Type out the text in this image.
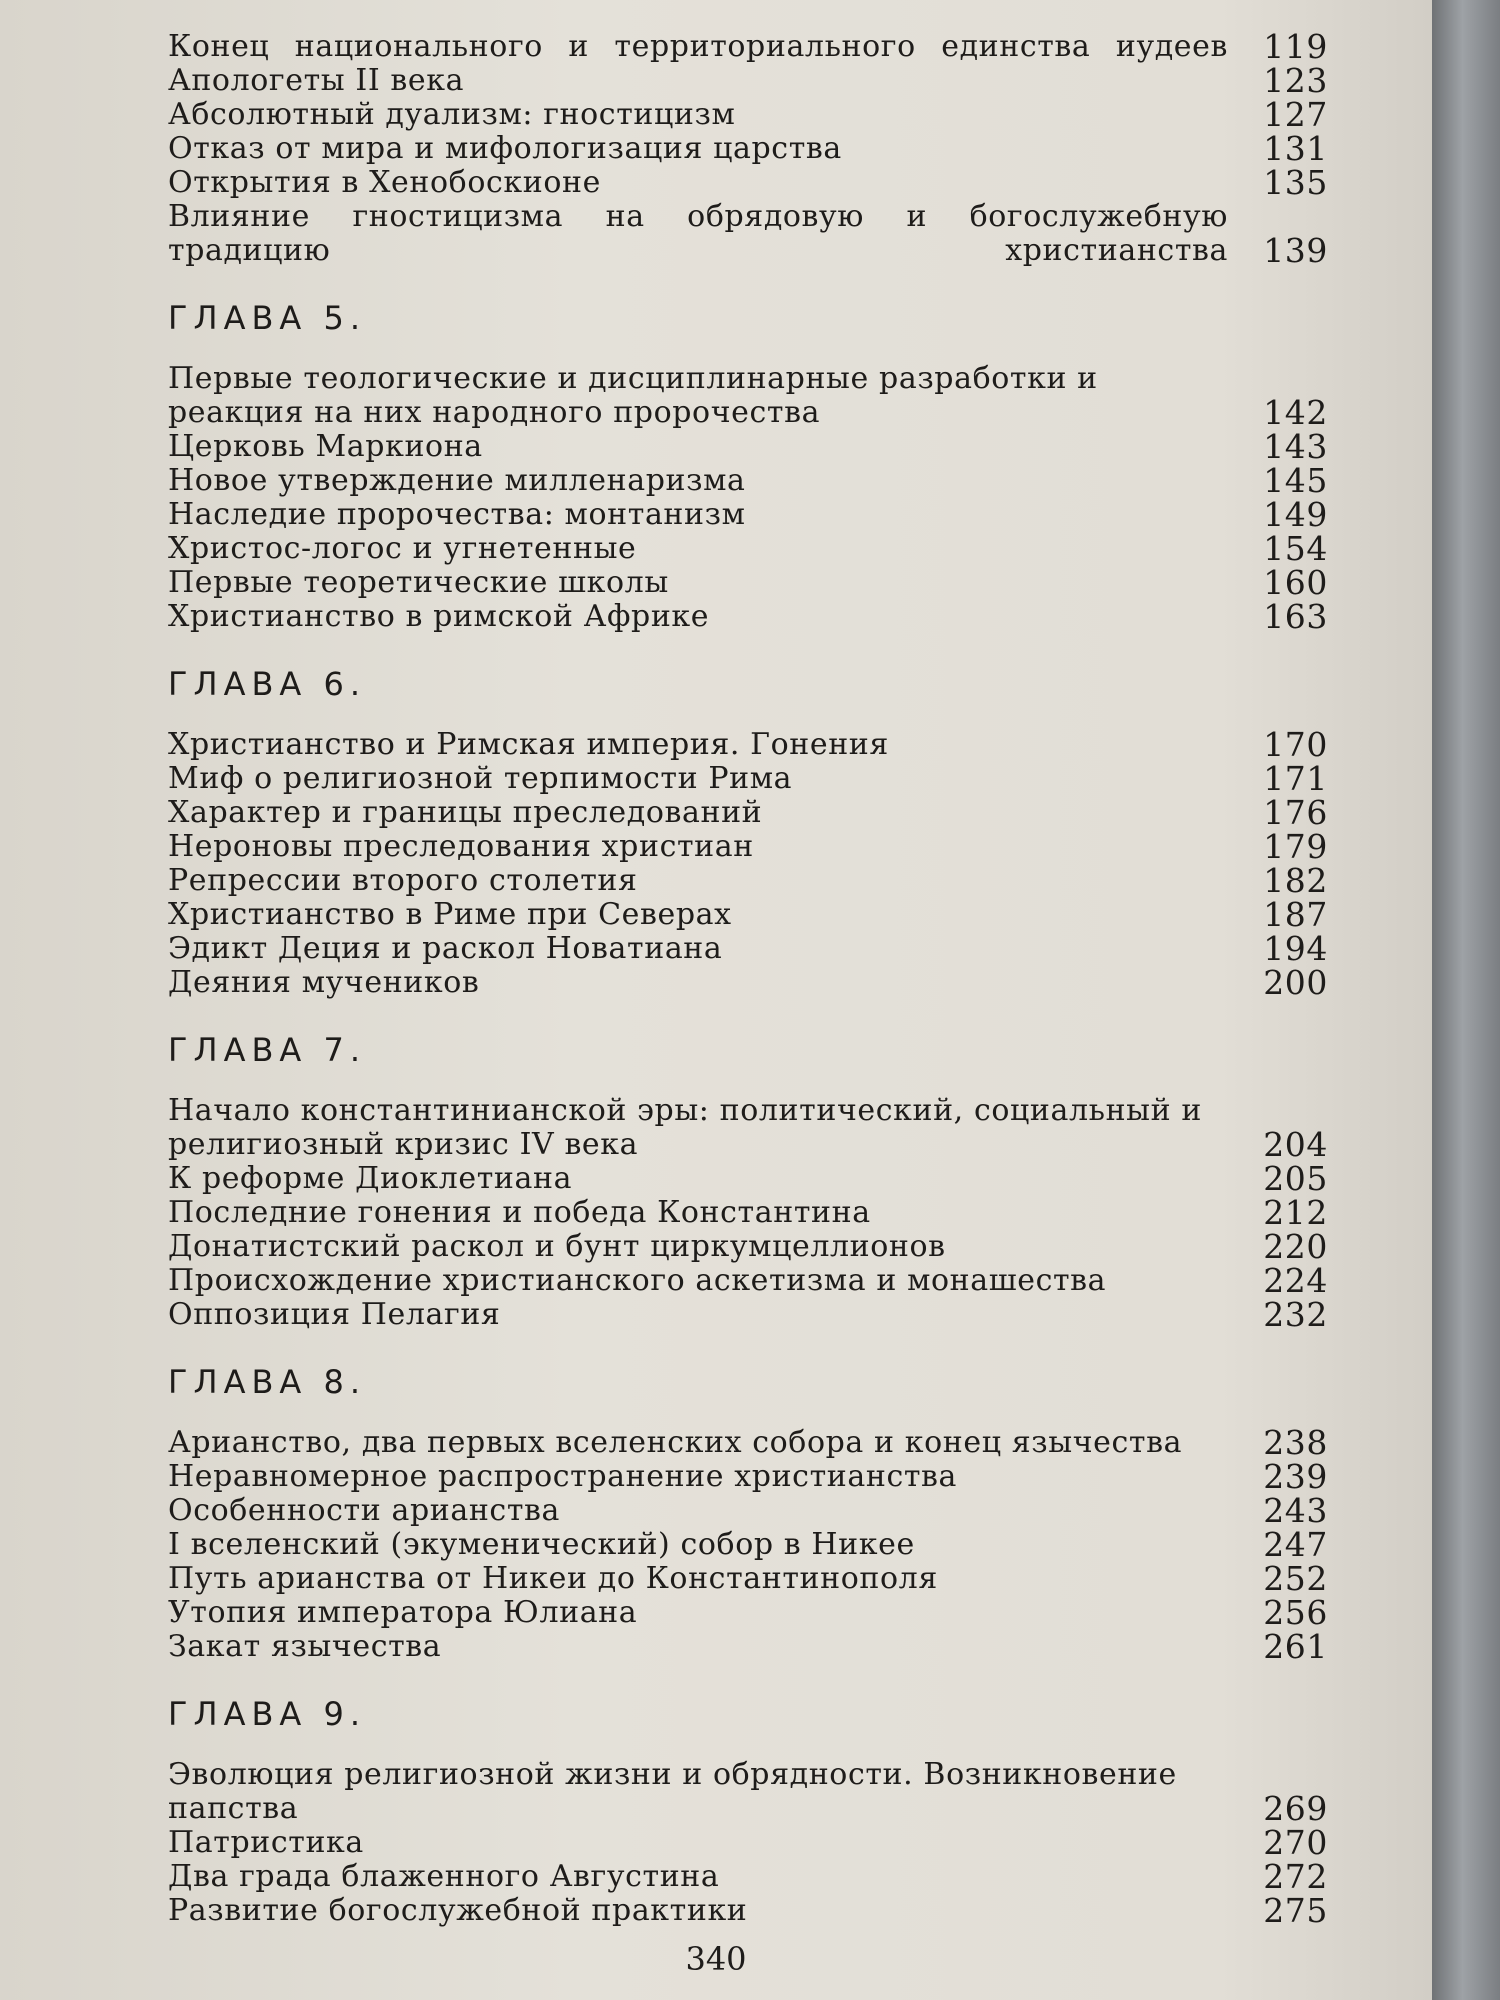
Конец национального и территориального единства иудеев	119
Апологеты II века	123
Абсолютный дуализм: гностицизм	127
Отказ от мира и мифологизация царства	131
Открытия в Хенобоскионе	135
Влияние гностицизма на обрядовую и богослужебную традицию христианства	139
ГЛАВА 5.
Первые теологические и дисциплинарные разработки и реакция на них народного пророчества	142
Церковь Маркиона	143
Новое утверждение милленаризма	145
Наследие пророчества: монтанизм	149
Христос-логос и угнетенные	154
Первые теоретические школы	160
Христианство в римской Африке	163
ГЛАВА 6.
Христианство и Римская империя. Гонения	170
Миф о религиозной терпимости Рима	171
Характер и границы преследований	176
Нероновы преследования христиан	179
Репрессии второго столетия	182
Христианство в Риме при Северах	187
Эдикт Деция и раскол Новатиана	194
Деяния мучеников	200
ГЛАВА 7.
Начало константинианской эры: политический, социальный и религиозный кризис IV века	204
К реформе Диоклетиана	205
Последние гонения и победа Константина	212
Донатистский раскол и бунт циркумцеллионов	220
Происхождение христианского аскетизма и монашества	224
Оппозиция Пелагия	232
ГЛАВА 8.
Арианство, два первых вселенских собора и конец язычества	238
Неравномерное распространение христианства	239
Особенности арианства	243
I вселенский (экуменический) собор в Никее	247
Путь арианства от Никеи до Константинополя	252
Утопия императора Юлиана	256
Закат язычества	261
ГЛАВА 9.
Эволюция религиозной жизни и обрядности. Возникновение папства	269
Патристика	270
Два града блаженного Августина	272
Развитие богослужебной практики	275
340
